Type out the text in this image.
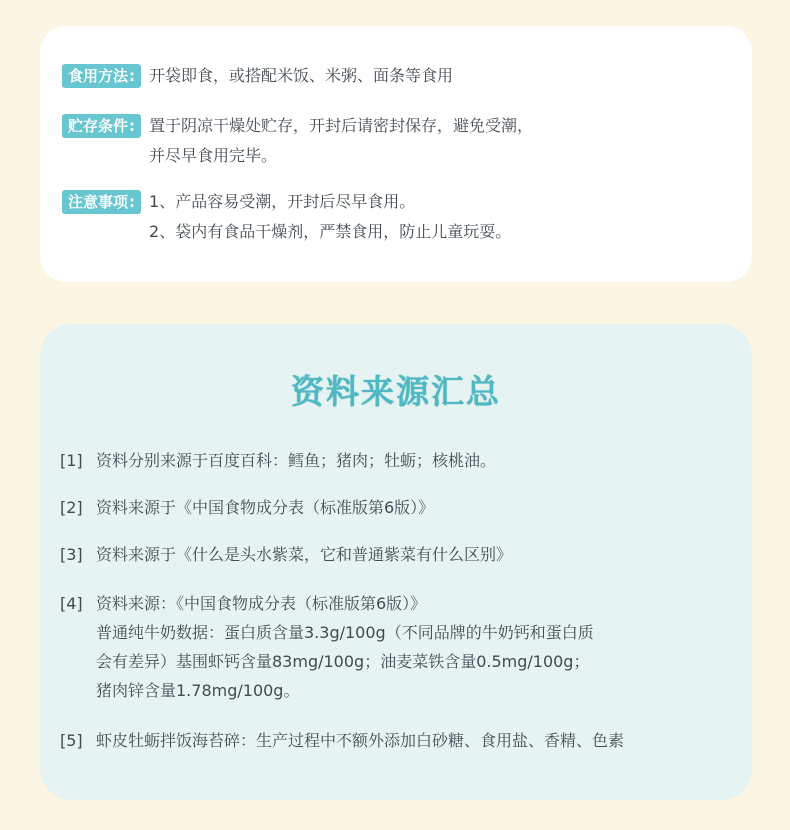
食用方法: 开袋即食，或搭配米饭、米粥、面条等食用
贮存条件: 置于阴凉干燥处贮存，开封后请密封保存，避免受潮，
并尽早食用完毕。
注意事项: 1、产品容易受潮，开封后尽早食用。
2、袋内有食品干燥剂，严禁食用，防止儿童玩耍。
资料来源汇总
[1] 资料分别来源于百度百科：鳕鱼；猪肉；牡蛎；核桃油。
[2] 资料来源于《中国食物成分表（标准版第6版）》
[3] 资料来源于《什么是头水紫菜，它和普通紫菜有什么区别》
[4] 资料来源：《中国食物成分表（标准版第6版）》
普通纯牛奶数据：蛋白质含量3.3g/100g（不同品牌的牛奶钙和蛋白质
会有差异）基围虾钙含量83mg/100g；油麦菜铁含量0.5mg/100g；
猪肉锌含量1.78mg/100g。
[5] 虾皮牡蛎拌饭海苔碎：生产过程中不额外添加白砂糖、食用盐、香精、色素
